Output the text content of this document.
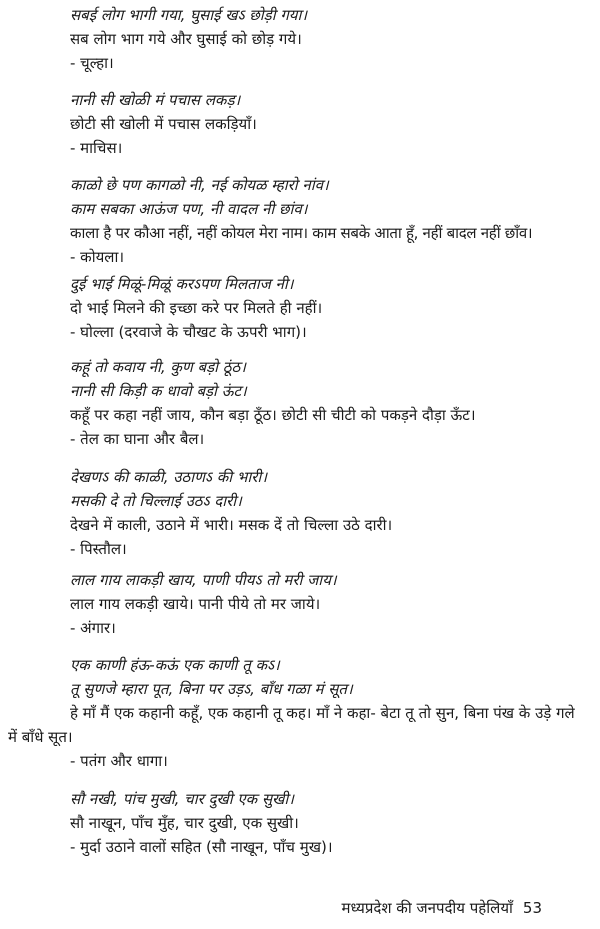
सबई लोग भागी गया, घुसाई खऽ छोड़ी गया।
सब लोग भाग गये और घुसाई को छोड़ गये।
- चूल्हा।
नानी सी खोळी मं पचास लकड़।
छोटी सी खोली में पचास लकड़ियाँ।
- माचिस।
काळो छे पण कागळो नी, नई कोयळ म्हारो नांव।
काम सबका आऊंज पण, नी वादल नी छांव।
काला है पर कौआ नहीं, नहीं कोयल मेरा नाम। काम सबके आता हूँ, नहीं बादल नहीं छाँव।
- कोयला।
दुई भाई मिळूं-मिळूं करऽपण मिलताज नी।
दो भाई मिलने की इच्छा करे पर मिलते ही नहीं।
- घोल्ला (दरवाजे के चौखट के ऊपरी भाग)।
कहूं तो कवाय नी, कुण बड़ो ठूंठ।
नानी सी किड़ी क धावो बड़ो ऊंट।
कहूँ पर कहा नहीं जाय, कौन बड़ा ठूँठ। छोटी सी चीटी को पकड़ने दौड़ा ऊँट।
- तेल का घाना और बैल।
देखणऽ की काळी, उठाणऽ की भारी।
मसकी दे तो चिल्लाई उठऽ दारी।
देखने में काली, उठाने में भारी। मसक दें तो चिल्ला उठे दारी।
- पिस्तौल।
लाल गाय लाकड़ी खाय, पाणी पीयऽ तो मरी जाय।
लाल गाय लकड़ी खाये। पानी पीये तो मर जाये।
- अंगार।
एक काणी हंऊ-कऊं एक काणी तू कऽ।
तू सुणजे म्हारा पूत, बिना पर उड़ऽ, बाँध गळा मं सूत।
हे माँ मैं एक कहानी कहूँ, एक कहानी तू कह। माँ ने कहा- बेटा तू तो सुन, बिना पंख के उड़े गले में बाँधे सूत।
- पतंग और धागा।
सौ नखी, पांच मुखी, चार दुखी एक सुखी।
सौ नाखून, पाँच मुँह, चार दुखी, एक सुखी।
- मुर्दा उठाने वालों सहित (सौ नाखून, पाँच मुख)।
मध्यप्रदेश की जनपदीय पहेलियाँ 53
